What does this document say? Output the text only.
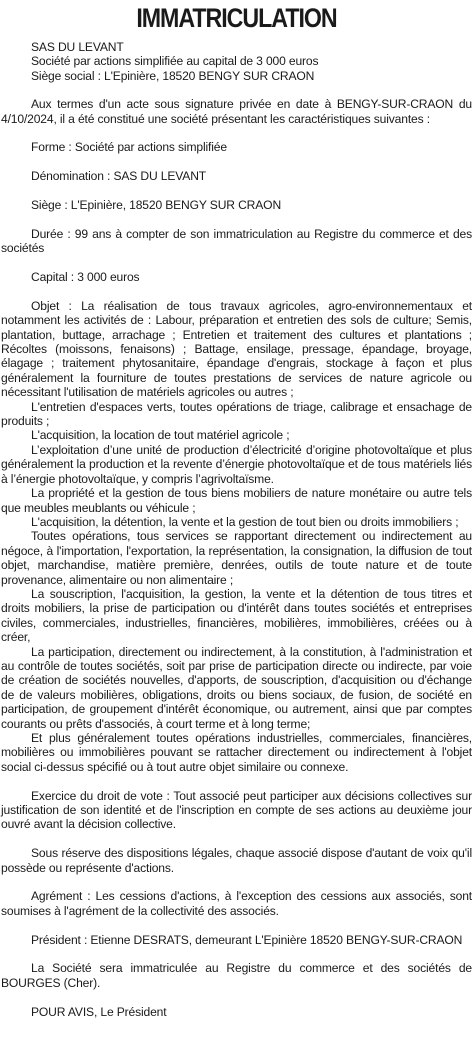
IMMATRICULATION
SAS DU LEVANT
Société par actions simplifiée au capital de 3 000 euros
Siège social : L'Epinière, 18520 BENGY SUR CRAON

Aux termes d'un acte sous signature privée en date à BENGY-SUR-CRAON du 4/10/2024, il a été constitué une société présentant les caractéristiques suivantes :

Forme : Société par actions simplifiée

Dénomination : SAS DU LEVANT

Siège : L'Epinière, 18520 BENGY SUR CRAON

Durée : 99 ans à compter de son immatriculation au Registre du commerce et des sociétés

Capital : 3 000 euros

Objet : La réalisation de tous travaux agricoles, agro-environnementaux et notamment les activités de : Labour, préparation et entretien des sols de culture; Semis, plantation, buttage, arrachage ; Entretien et traitement des cultures et plantations ; Récoltes (moissons, fenaisons) ; Battage, ensilage, pressage, épandage, broyage, élagage ; traitement phytosanitaire, épandage d'engrais, stockage à façon et plus généralement la fourniture de toutes prestations de services de nature agricole ou nécessitant l'utilisation de matériels agricoles ou autres ;

L'entretien d'espaces verts, toutes opérations de triage, calibrage et ensachage de produits ;

L'acquisition, la location de tout matériel agricole ;

L’exploitation d’une unité de production d’électricité d’origine photovoltaïque et plus généralement la production et la revente d’énergie photovoltaïque et de tous matériels liés à l’énergie photovoltaïque, y compris l’agrivoltaïsme.

La propriété et la gestion de tous biens mobiliers de nature monétaire ou autre tels que meubles meublants ou véhicule ;

L'acquisition, la détention, la vente et la gestion de tout bien ou droits immobiliers ;

Toutes opérations, tous services se rapportant directement ou indirectement au négoce, à l'importation, l'exportation, la représentation, la consignation, la diffusion de tout objet, marchandise, matière première, denrées, outils de toute nature et de toute provenance, alimentaire ou non alimentaire ;

La souscription, l'acquisition, la gestion, la vente et la détention de tous titres et droits mobiliers, la prise de participation ou d'intérêt dans toutes sociétés et entreprises civiles, commerciales, industrielles, financières, mobilières, immobilières, créées ou à créer,

La participation, directement ou indirectement, à la constitution, à l'administration et au contrôle de toutes sociétés, soit par prise de participation directe ou indirecte, par voie de création de sociétés nouvelles, d'apports, de souscription, d'acquisition ou d'échange de de valeurs mobilières, obligations, droits ou biens sociaux, de fusion, de société en participation, de groupement d'intérêt économique, ou autrement, ainsi que par comptes courants ou prêts d'associés, à court terme et à long terme;

Et plus généralement toutes opérations industrielles, commerciales, financières, mobilières ou immobilières pouvant se rattacher directement ou indirectement à l'objet social ci-dessus spécifié ou à tout autre objet similaire ou connexe.

Exercice du droit de vote : Tout associé peut participer aux décisions collectives sur justification de son identité et de l'inscription en compte de ses actions au deuxième jour ouvré avant la décision collective.

Sous réserve des dispositions légales, chaque associé dispose d'autant de voix qu'il possède ou représente d'actions.

Agrément : Les cessions d'actions, à l'exception des cessions aux associés, sont soumises à l'agrément de la collectivité des associés.

Président : Etienne DESRATS, demeurant L'Epinière 18520 BENGY-SUR-CRAON

La Société sera immatriculée au Registre du commerce et des sociétés de BOURGES (Cher).

POUR AVIS, Le Président
